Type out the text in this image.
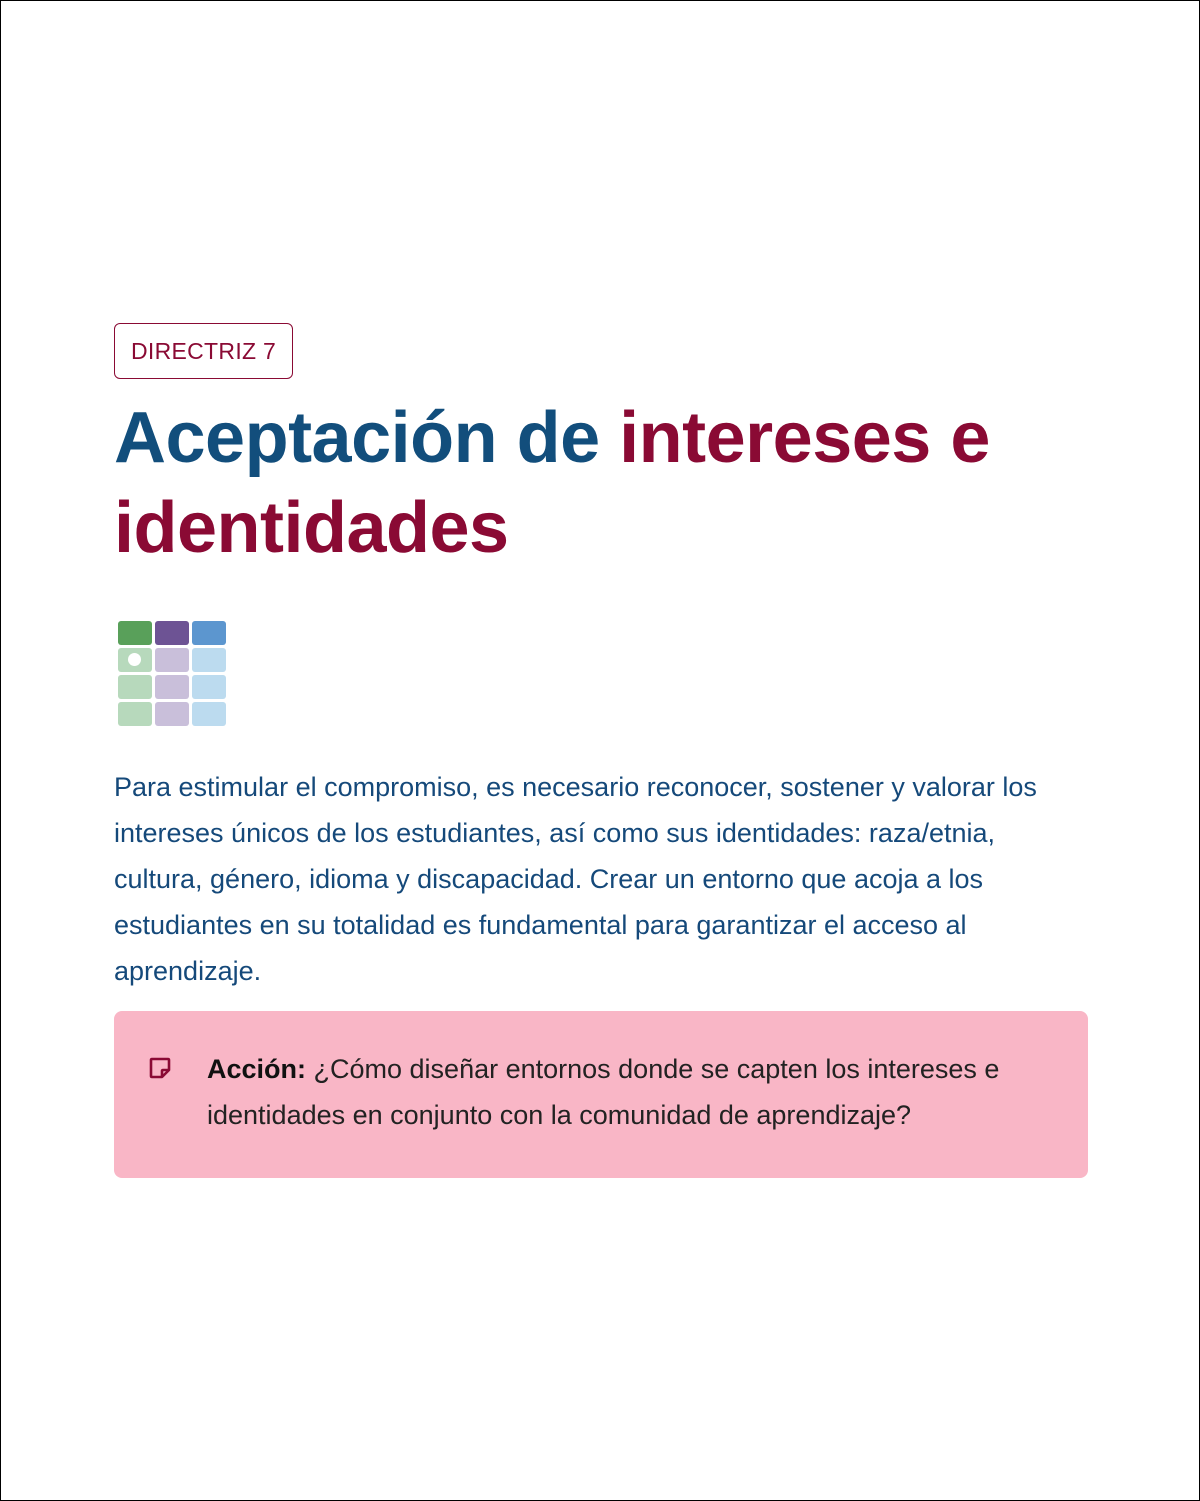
DIRECTRIZ 7
Aceptación de intereses e identidades

Para estimular el compromiso, es necesario reconocer, sostener y valorar los intereses únicos de los estudiantes, así como sus identidades: raza/etnia, cultura, género, idioma y discapacidad. Crear un entorno que acoja a los estudiantes en su totalidad es fundamental para garantizar el acceso al aprendizaje.

Acción: ¿Cómo diseñar entornos donde se capten los intereses e identidades en conjunto con la comunidad de aprendizaje?
